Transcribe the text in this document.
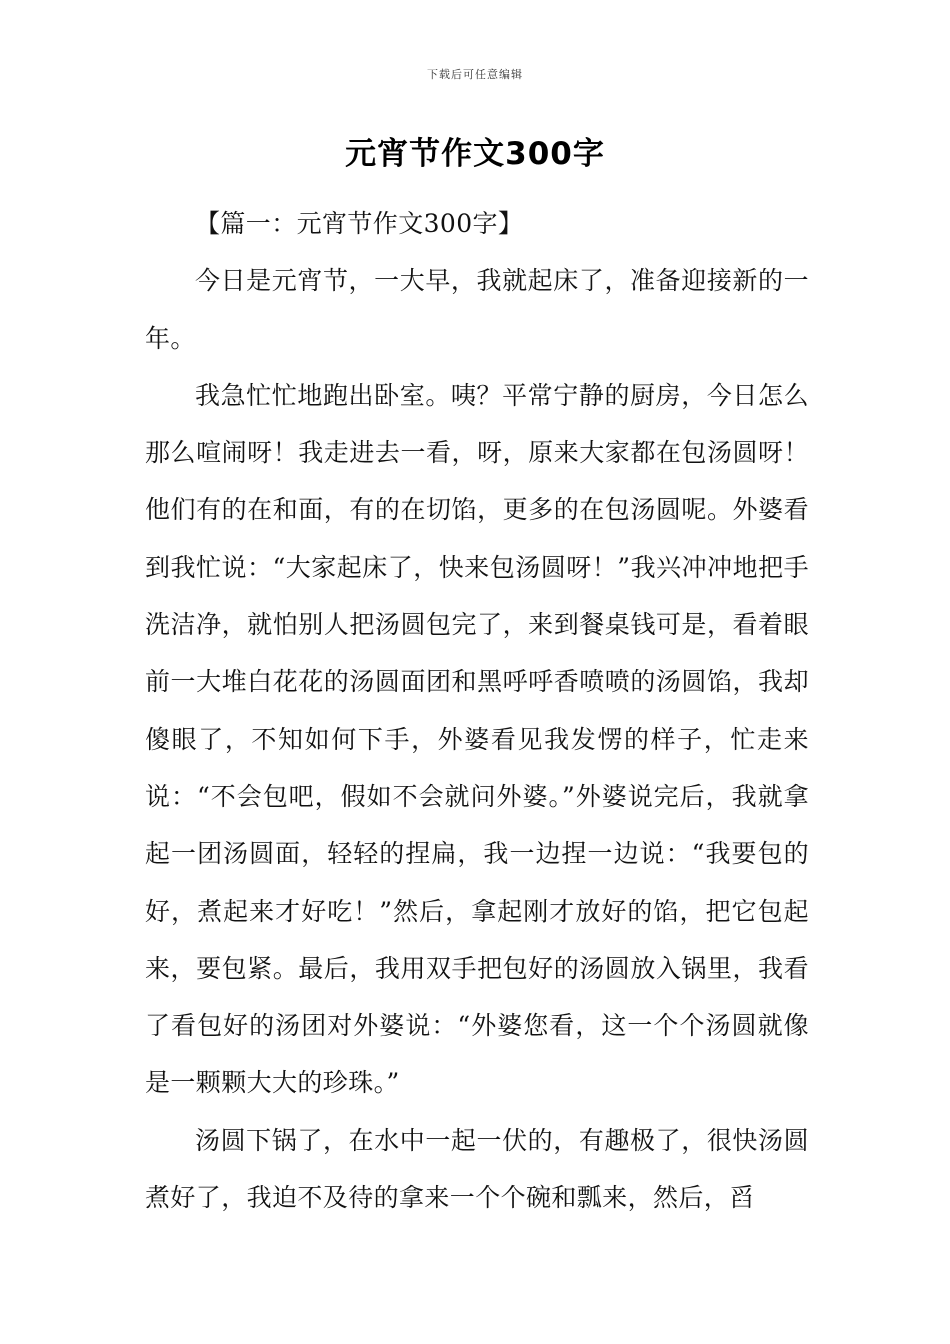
下载后可任意编辑
元宵节作文300字

【篇一：元宵节作文300字】

今日是元宵节，一大早，我就起床了，准备迎接新的一年。

我急忙忙地跑出卧室。咦？平常宁静的厨房，今日怎么那么喧闹呀！我走进去一看，呀，原来大家都在包汤圆呀！他们有的在和面，有的在切馅，更多的在包汤圆呢。外婆看到我忙说：“大家起床了，快来包汤圆呀！”我兴冲冲地把手洗洁净，就怕别人把汤圆包完了，来到餐桌钱可是，看着眼前一大堆白花花的汤圆面团和黑呼呼香喷喷的汤圆馅，我却傻眼了，不知如何下手，外婆看见我发愣的样子，忙走来说：“不会包吧，假如不会就问外婆。”外婆说完后，我就拿起一团汤圆面，轻轻的捏扁，我一边捏一边说：“我要包的好，煮起来才好吃！”然后，拿起刚才放好的馅，把它包起来，要包紧。最后，我用双手把包好的汤圆放入锅里，我看了看包好的汤团对外婆说：“外婆您看，这一个个汤圆就像是一颗颗大大的珍珠。”

汤圆下锅了，在水中一起一伏的，有趣极了，很快汤圆煮好了，我迫不及待的拿来一个个碗和瓢来，然后，舀
